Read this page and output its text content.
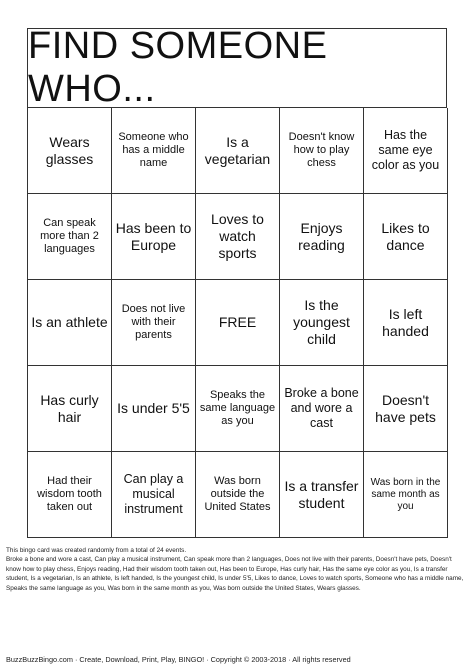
FIND SOMEONE WHO...
Wears glasses
Someone who has a middle name
Is a vegetarian
Doesn't know how to play chess
Has the same eye color as you
Can speak more than 2 languages
Has been to Europe
Loves to watch sports
Enjoys reading
Likes to dance
Is an athlete
Does not live with their parents
FREE
Is the youngest child
Is left handed
Has curly hair
Is under 5'5
Speaks the same language as you
Broke a bone and wore a cast
Doesn't have pets
Had their wisdom tooth taken out
Can play a musical instrument
Was born outside the United States
Is a transfer student
Was born in the same month as you

This bingo card was created randomly from a total of 24 events.

Broke a bone and wore a cast, Can play a musical instrument, Can speak more than 2 languages, Does not live with their parents, Doesn't have pets, Doesn't know how to play chess, Enjoys reading, Had their wisdom tooth taken out, Has been to Europe, Has curly hair, Has the same eye color as you, Is a transfer student, Is a vegetarian, Is an athlete, Is left handed, Is the youngest child, Is under 5'5, Likes to dance, Loves to watch sports, Someone who has a middle name, Speaks the same language as you, Was born in the same month as you, Was born outside the United States, Wears glasses.

BuzzBuzzBingo.com · Create, Download, Print, Play, BINGO! · Copyright © 2003-2018 · All rights reserved
